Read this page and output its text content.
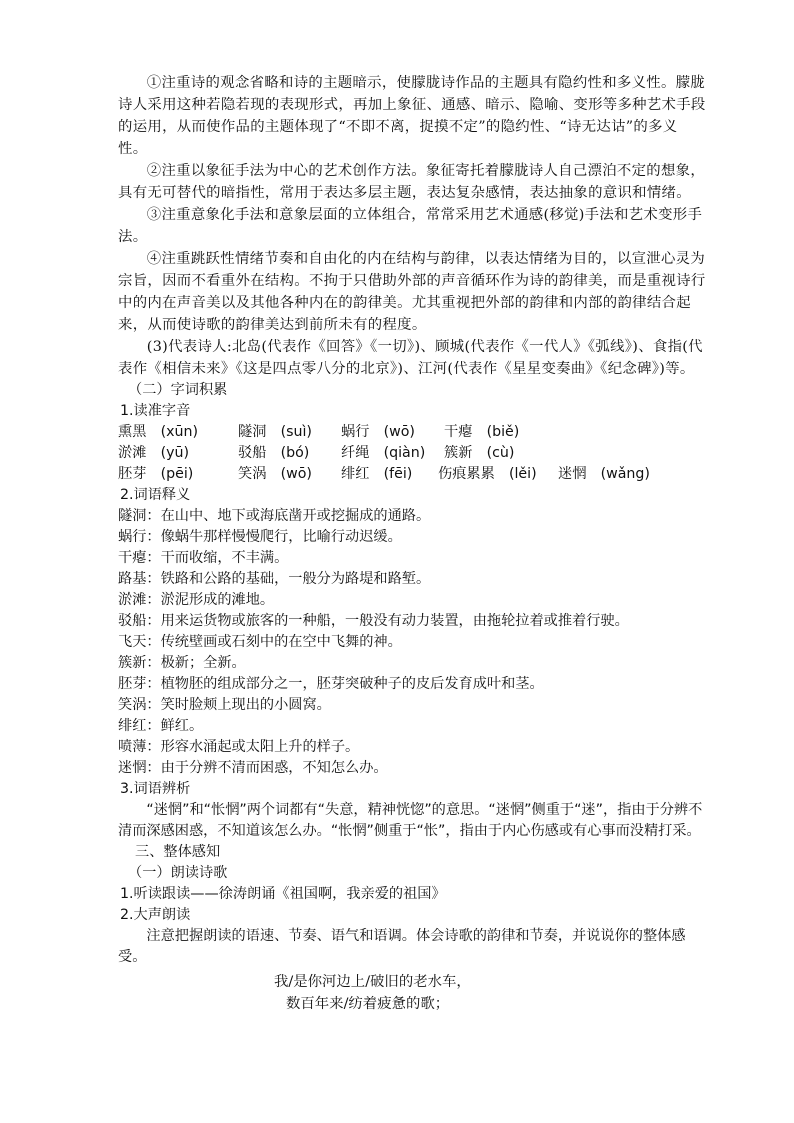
①注重诗的观念省略和诗的主题暗示，使朦胧诗作品的主题具有隐约性和多义性。朦胧诗人采用这种若隐若现的表现形式，再加上象征、通感、暗示、隐喻、变形等多种艺术手段的运用，从而使作品的主题体现了“不即不离，捉摸不定”的隐约性、“诗无达诂”的多义性。

②注重以象征手法为中心的艺术创作方法。象征寄托着朦胧诗人自己漂泊不定的想象，具有无可替代的暗指性，常用于表达多层主题，表达复杂感情，表达抽象的意识和情绪。

③注重意象化手法和意象层面的立体组合，常常采用艺术通感(移觉)手法和艺术变形手法。

④注重跳跃性情绪节奏和自由化的内在结构与韵律，以表达情绪为目的，以宣泄心灵为宗旨，因而不看重外在结构。不拘于只借助外部的声音循环作为诗的韵律美，而是重视诗行中的内在声音美以及其他各种内在的韵律美。尤其重视把外部的韵律和内部的韵律结合起来，从而使诗歌的韵律美达到前所未有的程度。

(3)代表诗人:北岛(代表作《回答》《一切》)、顾城(代表作《一代人》《弧线》)、食指(代表作《相信未来》《这是四点零八分的北京》)、江河(代表作《星星变奏曲》《纪念碑》)等。

（二）字词积累

1.读准字音

熏黑　(xūn)	隧洞　(suì)	蜗行　(wō)	干瘪　(biě)
淤滩　(yū)	驳船　(bó)	纤绳　(qiàn)	簇新　(cù)
胚芽　(pēi)	笑涡　(wō)	绯红　(fēi)	伤痕累累　(lěi)	迷惘　(wǎng)

2.词语释义

隧洞：在山中、地下或海底凿开或挖掘成的通路。

蜗行：像蜗牛那样慢慢爬行，比喻行动迟缓。

干瘪：干而收缩，不丰满。

路基：铁路和公路的基础，一般分为路堤和路堑。

淤滩：淤泥形成的滩地。

驳船：用来运货物或旅客的一种船，一般没有动力装置，由拖轮拉着或推着行驶。

飞天：传统壁画或石刻中的在空中飞舞的神。

簇新：极新；全新。

胚芽：植物胚的组成部分之一，胚芽突破种子的皮后发育成叶和茎。

笑涡：笑时脸颊上现出的小圆窝。

绯红：鲜红。

喷薄：形容水涌起或太阳上升的样子。

迷惘：由于分辨不清而困惑，不知怎么办。

3.词语辨析

“迷惘”和“怅惘”两个词都有“失意，精神恍惚”的意思。“迷惘”侧重于“迷”，指由于分辨不清而深感困惑，不知道该怎么办。“怅惘”侧重于“怅”，指由于内心伤感或有心事而没精打采。

三、整体感知

（一）朗读诗歌

1.听读跟读——徐涛朗诵《祖国啊，我亲爱的祖国》

2.大声朗读

注意把握朗读的语速、节奏、语气和语调。体会诗歌的韵律和节奏，并说说你的整体感受。

我/是你河边上/破旧的老水车，

数百年来/纺着疲惫的歌；
